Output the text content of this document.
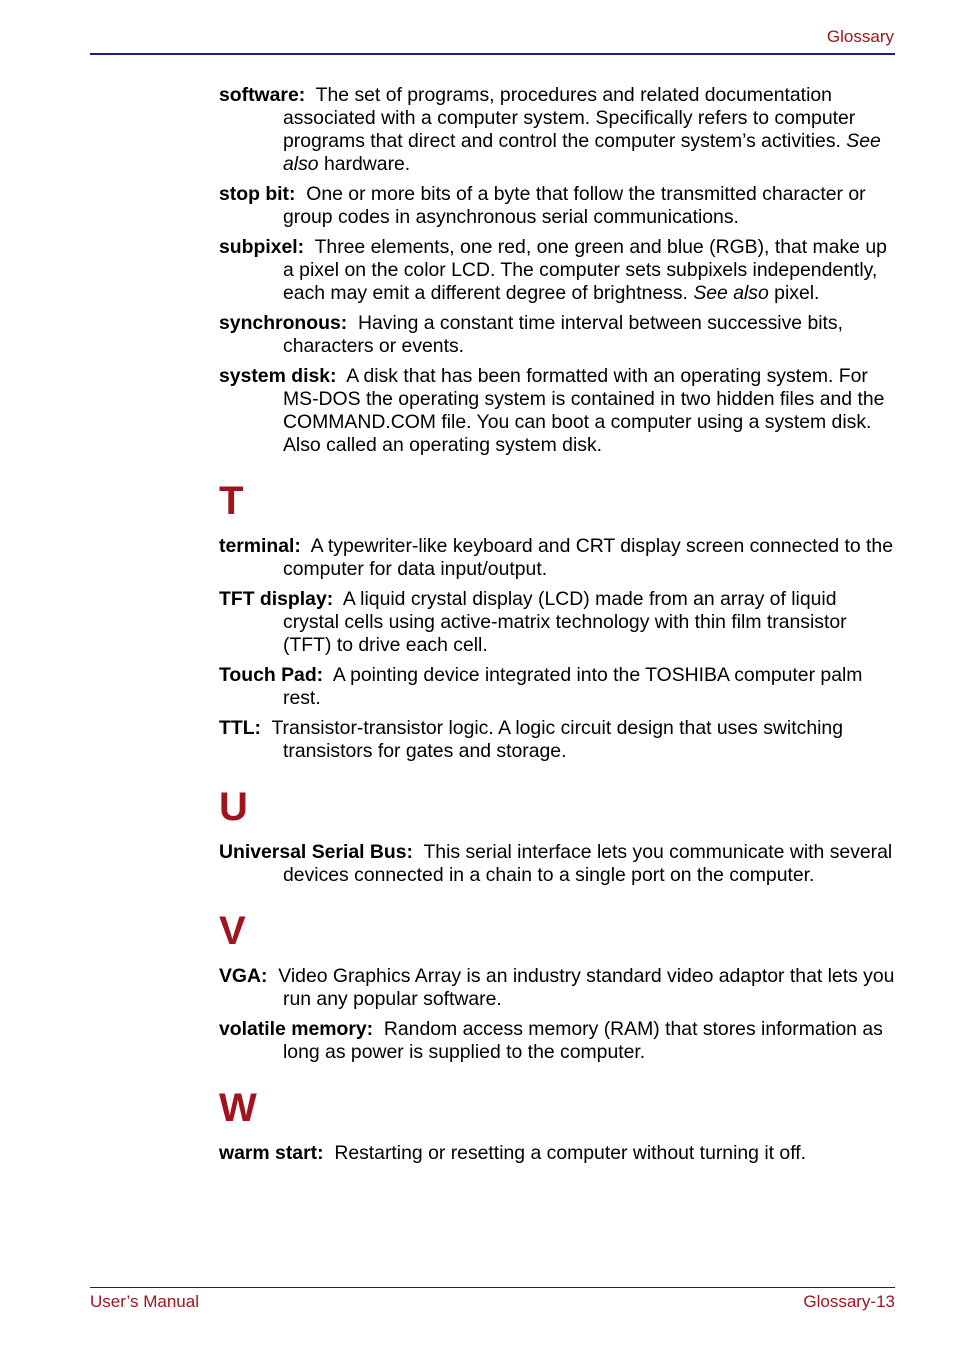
Glossary

software: The set of programs, procedures and related documentation associated with a computer system. Specifically refers to computer programs that direct and control the computer system’s activities. See also hardware.

stop bit: One or more bits of a byte that follow the transmitted character or group codes in asynchronous serial communications.

subpixel: Three elements, one red, one green and blue (RGB), that make up a pixel on the color LCD. The computer sets subpixels independently, each may emit a different degree of brightness. See also pixel.

synchronous: Having a constant time interval between successive bits, characters or events.

system disk: A disk that has been formatted with an operating system. For MS-DOS the operating system is contained in two hidden files and the COMMAND.COM file. You can boot a computer using a system disk. Also called an operating system disk.

T

terminal: A typewriter-like keyboard and CRT display screen connected to the computer for data input/output.

TFT display: A liquid crystal display (LCD) made from an array of liquid crystal cells using active-matrix technology with thin film transistor (TFT) to drive each cell.

Touch Pad: A pointing device integrated into the TOSHIBA computer palm rest.

TTL: Transistor-transistor logic. A logic circuit design that uses switching transistors for gates and storage.

U

Universal Serial Bus: This serial interface lets you communicate with several devices connected in a chain to a single port on the computer.

V

VGA: Video Graphics Array is an industry standard video adaptor that lets you run any popular software.

volatile memory: Random access memory (RAM) that stores information as long as power is supplied to the computer.

W

warm start: Restarting or resetting a computer without turning it off.

User’s Manual	Glossary-13
